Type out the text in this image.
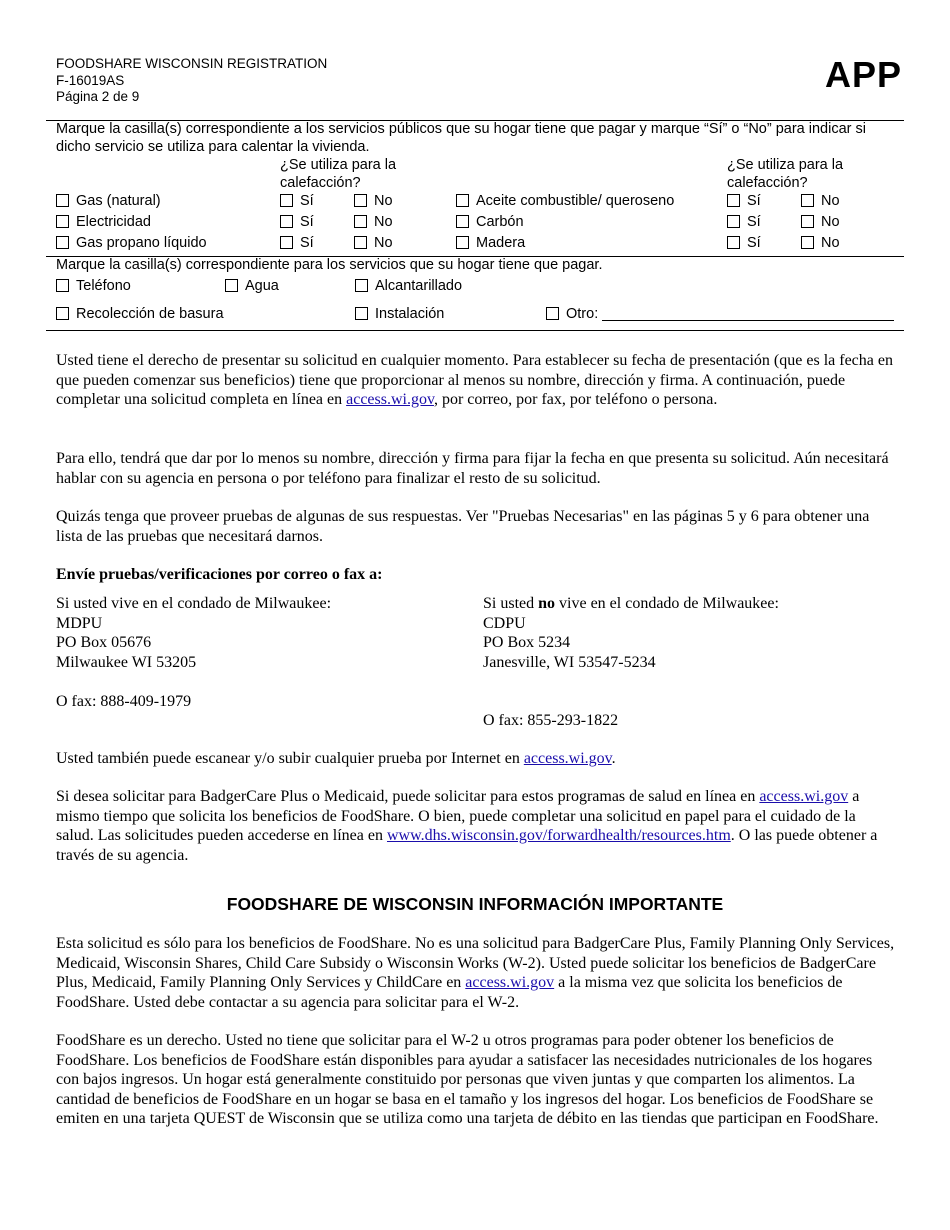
FOODSHARE WISCONSIN REGISTRATION
F-16019AS
Página 2 de 9
APP
Marque la casilla(s) correspondiente a los servicios públicos que su hogar tiene que pagar y marque “Sí” o “No” para indicar si dicho servicio se utiliza para calentar la vivienda.
¿Se utiliza para la calefacción?
¿Se utiliza para la calefacción?
Gas (natural)	Sí	No	Aceite combustible/ queroseno	Sí	No
Electricidad	Sí	No	Carbón	Sí	No
Gas propano líquido	Sí	No	Madera	Sí	No
Marque la casilla(s) correspondiente para los servicios que su hogar tiene que pagar.
Teléfono	Agua	Alcantarillado
Recolección de basura	Instalación	Otro:
Usted tiene el derecho de presentar su solicitud en cualquier momento. Para establecer su fecha de presentación (que es la fecha en que pueden comenzar sus beneficios) tiene que proporcionar al menos su nombre, dirección y firma. A continuación, puede completar una solicitud completa en línea en access.wi.gov, por correo, por fax, por teléfono o persona.
Para ello, tendrá que dar por lo menos su nombre, dirección y firma para fijar la fecha en que presenta su solicitud. Aún necesitará hablar con su agencia en persona o por teléfono para finalizar el resto de su solicitud.
Quizás tenga que proveer pruebas de algunas de sus respuestas. Ver "Pruebas Necesarias" en las páginas 5 y 6 para obtener una lista de las pruebas que necesitará darnos.
Envíe pruebas/verificaciones por correo o fax a:
Si usted vive en el condado de Milwaukee:
MDPU
PO Box 05676
Milwaukee WI 53205
O fax: 888-409-1979
Si usted no vive en el condado de Milwaukee:
CDPU
PO Box 5234
Janesville, WI 53547-5234
O fax: 855-293-1822
Usted también puede escanear y/o subir cualquier prueba por Internet en access.wi.gov.
Si desea solicitar para BadgerCare Plus o Medicaid, puede solicitar para estos programas de salud en línea en access.wi.gov a mismo tiempo que solicita los beneficios de FoodShare. O bien, puede completar una solicitud en papel para el cuidado de la salud. Las solicitudes pueden accederse en línea en www.dhs.wisconsin.gov/forwardhealth/resources.htm. O las puede obtener a través de su agencia.
FOODSHARE DE WISCONSIN INFORMACIÓN IMPORTANTE
Esta solicitud es sólo para los beneficios de FoodShare. No es una solicitud para BadgerCare Plus, Family Planning Only Services, Medicaid, Wisconsin Shares, Child Care Subsidy o Wisconsin Works (W-2). Usted puede solicitar los beneficios de BadgerCare Plus, Medicaid, Family Planning Only Services y ChildCare en access.wi.gov a la misma vez que solicita los beneficios de FoodShare. Usted debe contactar a su agencia para solicitar para el W-2.
FoodShare es un derecho. Usted no tiene que solicitar para el W-2 u otros programas para poder obtener los beneficios de FoodShare. Los beneficios de FoodShare están disponibles para ayudar a satisfacer las necesidades nutricionales de los hogares con bajos ingresos. Un hogar está generalmente constituido por personas que viven juntas y que comparten los alimentos. La cantidad de beneficios de FoodShare en un hogar se basa en el tamaño y los ingresos del hogar. Los beneficios de FoodShare se emiten en una tarjeta QUEST de Wisconsin que se utiliza como una tarjeta de débito en las tiendas que participan en FoodShare.
